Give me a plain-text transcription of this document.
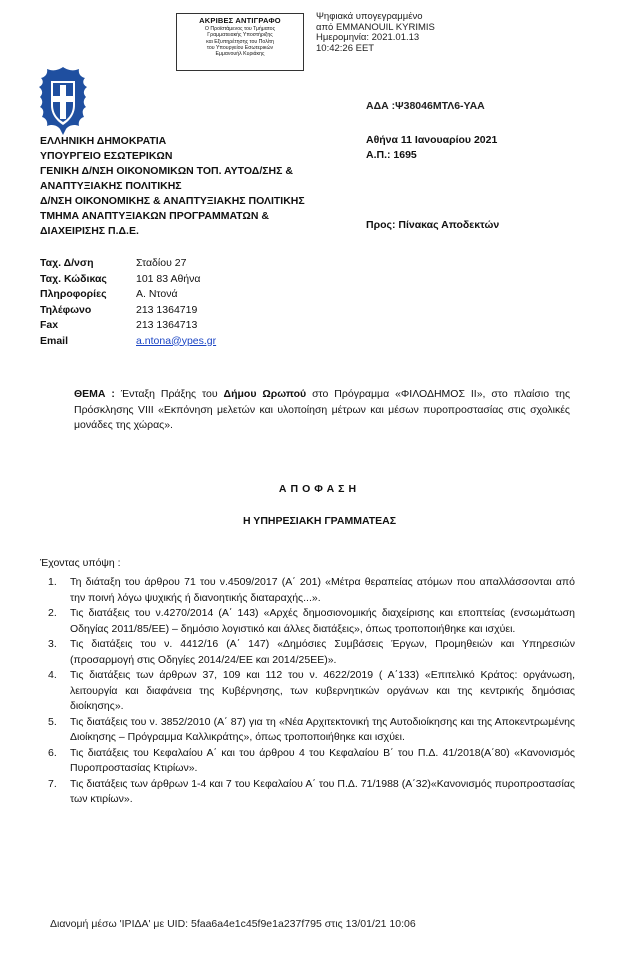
ΑΚΡΙΒΕΣ ΑΝΤΙΓΡΑΦΟ
Ο Προϊστάμενος του Τμήματος
Γραμματειακής Υποστήριξης
και Εξυπηρέτησης του Πολίτη
του Υπουργείου Εσωτερικών
Εμμανουήλ Κυριάκης
Ψηφιακά υπογεγραμμένο
από EMMANOUIL KYRIMIS
Ημερομηνία: 2021.01.13
10:42:26 EET
ΑΔΑ :Ψ38046ΜΤΛ6-ΥΑΑ
Αθήνα 11 Ιανουαρίου 2021
Α.Π.: 1695
Προς: Πίνακας Αποδεκτών
ΕΛΛΗΝΙΚΗ ΔΗΜΟΚΡΑΤΙΑ
ΥΠΟΥΡΓΕΙΟ ΕΣΩΤΕΡΙΚΩΝ
ΓΕΝΙΚΗ Δ/ΝΣΗ ΟΙΚΟΝΟΜΙΚΩΝ ΤΟΠ. ΑΥΤΟΔ/ΣΗΣ &
ΑΝΑΠΤΥΞΙΑΚΗΣ ΠΟΛΙΤΙΚΗΣ
Δ/ΝΣΗ ΟΙΚΟΝΟΜΙΚΗΣ & ΑΝΑΠΤΥΞΙΑΚΗΣ ΠΟΛΙΤΙΚΗΣ
ΤΜΗΜΑ ΑΝΑΠΤΥΞΙΑΚΩΝ ΠΡΟΓΡΑΜΜΑΤΩΝ &
ΔΙΑΧΕΙΡΙΣΗΣ Π.Δ.Ε.
Ταχ. Δ/νση	Σταδίου 27
Ταχ. Κώδικας	101 83 Αθήνα
Πληροφορίες	Α. Ντονά
Τηλέφωνο	213 1364719
Fax	213 1364713
Email	a.ntona@ypes.gr
ΘΕΜΑ : Ένταξη Πράξης του Δήμου Ωρωπού στο Πρόγραμμα «ΦΙΛΟΔΗΜΟΣ ΙΙ», στο πλαίσιο της Πρόσκλησης VIII «Εκπόνηση μελετών και υλοποίηση μέτρων και μέσων πυροπροστασίας στις σχολικές μονάδες της χώρας».
ΑΠΟΦΑΣΗ
Η ΥΠΗΡΕΣΙΑΚΗ ΓΡΑΜΜΑΤΕΑΣ
Έχοντας υπόψη :
1.	Τη διάταξη του άρθρου 71 του ν.4509/2017 (Α΄ 201) «Μέτρα θεραπείας ατόμων που απαλλάσσονται από την ποινή λόγω ψυχικής ή διανοητικής διαταραχής...».
2.	Τις διατάξεις του ν.4270/2014 (Α΄ 143) «Αρχές δημοσιονομικής διαχείρισης και εποπτείας (ενσωμάτωση Οδηγίας 2011/85/ΕΕ) – δημόσιο λογιστικό και άλλες διατάξεις», όπως τροποποιήθηκε και ισχύει.
3.	Τις διατάξεις του ν. 4412/16 (Α΄ 147) «Δημόσιες Συμβάσεις Έργων, Προμηθειών και Υπηρεσιών (προσαρμογή στις Οδηγίες 2014/24/ΕΕ και 2014/25ΕΕ)».
4.	Τις διατάξεις των άρθρων 37, 109 και 112 του ν. 4622/2019 ( Α΄133) «Επιτελικό Κράτος: οργάνωση, λειτουργία και διαφάνεια της Κυβέρνησης, των κυβερνητικών οργάνων και της κεντρικής δημόσιας διοίκησης».
5.	Τις διατάξεις του ν. 3852/2010 (Α΄ 87) για τη «Νέα Αρχιτεκτονική της Αυτοδιοίκησης και της Αποκεντρωμένης Διοίκησης – Πρόγραμμα Καλλικράτης», όπως τροποποιήθηκε και ισχύει.
6.	Τις διατάξεις του Κεφαλαίου Α΄ και του άρθρου 4 του Κεφαλαίου Β΄ του Π.Δ. 41/2018(Α΄80) «Κανονισμός Πυροπροστασίας Κτιρίων».
7.	Τις διατάξεις των άρθρων 1-4 και 7 του Κεφαλαίου Α΄ του Π.Δ. 71/1988 (Α΄32)«Κανονισμός πυροπροστασίας των κτιρίων».
Διανομή μέσω 'ΙΡΙΔΑ' με UID: 5faa6a4e1c45f9e1a237f795 στις 13/01/21 10:06
